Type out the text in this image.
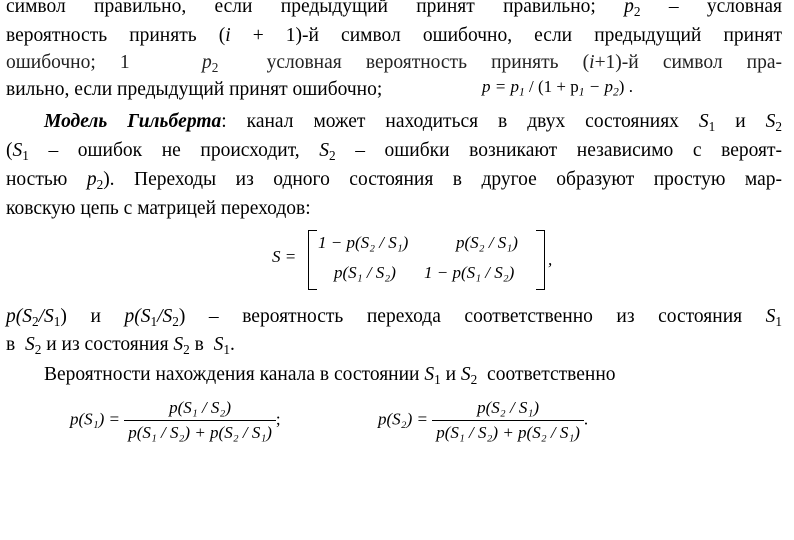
символ правильно, если предыдущий принят правильно; $p_2$ – условная
вероятность принять (i + 1)-й символ ошибочно, если предыдущий принят
ошибочно; 1	$p_2$ условная вероятность принять (i+1)-й символ пра-
вильно, если предыдущий принят ошибочно;	$p = p_1 / (1 + p_1 - p_2)$ .
Модель Гильберта: канал может находиться в двух состояниях $S_1$ и $S_2$
($S_1$ – ошибок не происходит, $S_2$ – ошибки возникают независимо с вероят-
ностью $p_2$). Переходы из одного состояния в другое образуют простую мар-
ковскую цепь с матрицей переходов:
S =
1 − p(S₂ / S₁)	p(S₂ / S₁)
p(S₁ / S₂) 1 − p(S₁ / S₂)
,
$p(S_2/S_1)$ и $p(S_1/S_2)$ – вероятность перехода соответственно из состояния $S_1$
в $S_2$ и из состояния $S_2$ в  $S_1$.
Вероятности нахождения канала в состоянии $S_1$ и $S_2$ соответственно
$p(S_1) = \frac{\text{p(S₁ / S₂)}}{\text{p(S₁ / S₂) + p(S₂ / S₁)}}$ ;	$p(S_2) = \frac{\text{p(S₂ / S₁)}}{\text{p(S₁ / S₂) + p(S₂ / S₁)}}$ .
